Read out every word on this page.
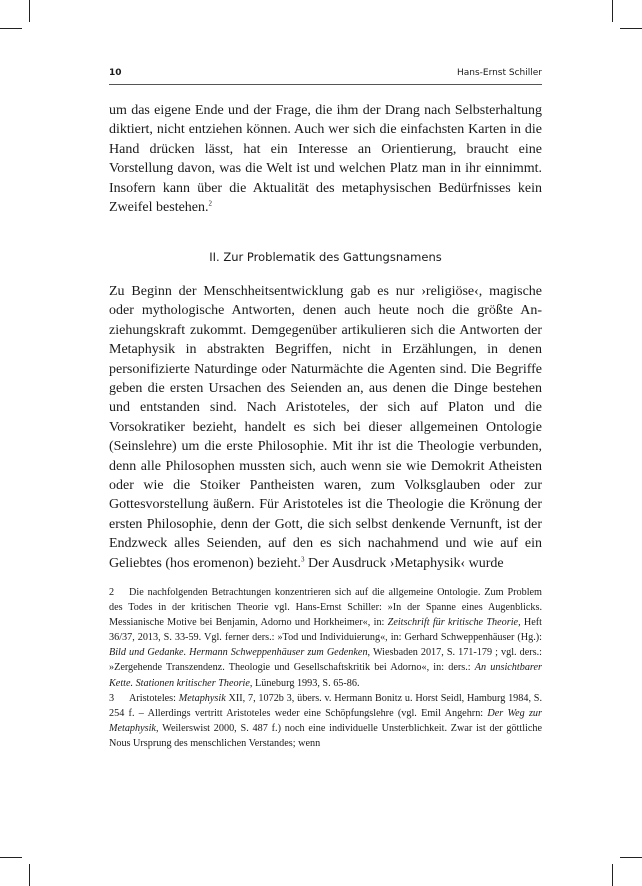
10	Hans-Ernst Schiller

um das eigene Ende und der Frage, die ihm der Drang nach Selbsterhaltung diktiert, nicht entziehen können. Auch wer sich die einfachsten Karten in die Hand drücken lässt, hat ein Interesse an Orientierung, braucht eine Vorstellung davon, was die Welt ist und welchen Platz man in ihr einnimmt. Insofern kann über die Aktualität des metaphysischen Bedürfnisses kein Zweifel bestehen.$^2$

II. Zur Problematik des Gattungsnamens

Zu Beginn der Menschheitsentwicklung gab es nur ›religiöse‹, magische oder mythologische Antworten, denen auch heute noch die größte Anziehungskraft zukommt. Demgegenüber artikulieren sich die Antworten der Metaphysik in abstrakten Begriffen, nicht in Erzählungen, in denen personifizierte Naturdinge oder Naturmächte die Agenten sind. Die Begriffe geben die ersten Ursachen des Seienden an, aus denen die Dinge bestehen und entstanden sind. Nach Aristoteles, der sich auf Platon und die Vorsokratiker bezieht, handelt es sich bei dieser allgemeinen Ontologie (Seinslehre) um die erste Philosophie. Mit ihr ist die Theologie verbunden, denn alle Philosophen mussten sich, auch wenn sie wie Demokrit Atheisten oder wie die Stoiker Pantheisten waren, zum Volksglauben oder zur Gottesvorstellung äußern. Für Aristoteles ist die Theologie die Krönung der ersten Philosophie, denn der Gott, die sich selbst denkende Vernunft, ist der Endzweck alles Seienden, auf den es sich nachahmend und wie auf ein Geliebtes (hos eromenon) bezieht.$^3$ Der Ausdruck ›Metaphysik‹ wurde

2 Die nachfolgenden Betrachtungen konzentrieren sich auf die allgemeine Ontologie. Zum Problem des Todes in der kritischen Theorie vgl. Hans-Ernst Schiller: »In der Spanne eines Augenblicks. Messianische Motive bei Benjamin, Adorno und Horkheimer«, in: Zeitschrift für kritische Theorie, Heft 36/37, 2013, S. 33-59. Vgl. ferner ders.: »Tod und Individuierung«, in: Gerhard Schweppenhäuser (Hg.): Bild und Gedanke. Hermann Schweppenhäuser zum Gedenken, Wiesbaden 2017, S. 171-179 ; vgl. ders.: »Zergehende Transzendenz. Theologie und Gesellschaftskritik bei Adorno«, in: ders.: An unsichtbarer Kette. Stationen kritischer Theorie, Lüneburg 1993, S. 65-86.

3 Aristoteles: Metaphysik XII, 7, 1072b 3, übers. v. Hermann Bonitz u. Horst Seidl, Hamburg 1984, S. 254 f. – Allerdings vertritt Aristoteles weder eine Schöpfungslehre (vgl. Emil Angehrn: Der Weg zur Metaphysik, Weilerswist 2000, S. 487 f.) noch eine individuelle Unsterblichkeit. Zwar ist der göttliche Nous Ursprung des menschlichen Verstandes; wenn
